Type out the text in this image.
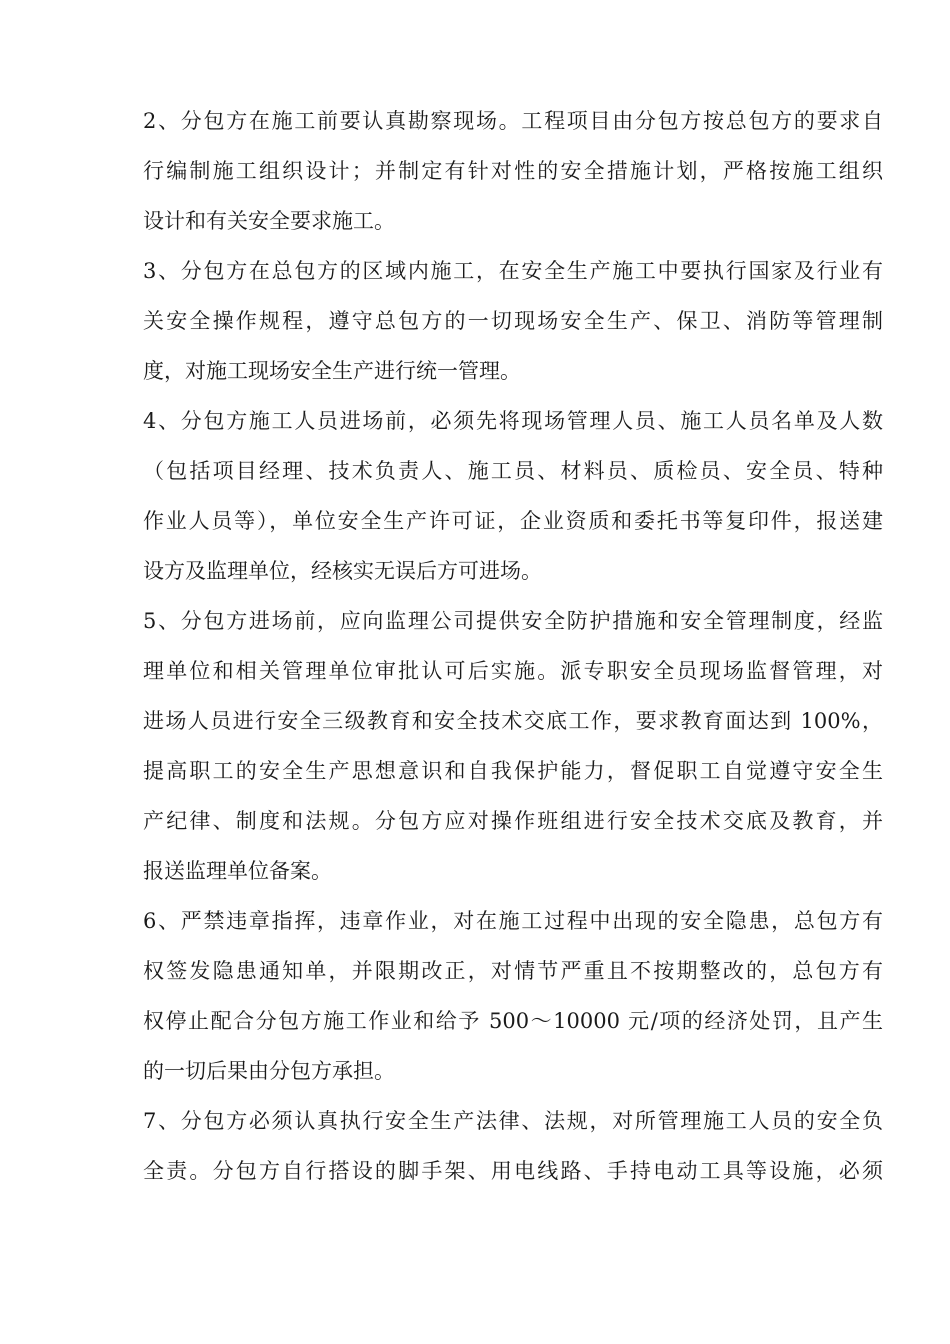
2、分包方在施工前要认真勘察现场。工程项目由分包方按总包方的要求自
行编制施工组织设计；并制定有针对性的安全措施计划，严格按施工组织
设计和有关安全要求施工。
3、分包方在总包方的区域内施工，在安全生产施工中要执行国家及行业有
关安全操作规程，遵守总包方的一切现场安全生产、保卫、消防等管理制
度，对施工现场安全生产进行统一管理。
4、分包方施工人员进场前，必须先将现场管理人员、施工人员名单及人数
（包括项目经理、技术负责人、施工员、材料员、质检员、安全员、特种
作业人员等），单位安全生产许可证，企业资质和委托书等复印件，报送建
设方及监理单位，经核实无误后方可进场。
5、分包方进场前，应向监理公司提供安全防护措施和安全管理制度，经监
理单位和相关管理单位审批认可后实施。派专职安全员现场监督管理，对
进场人员进行安全三级教育和安全技术交底工作，要求教育面达到 100%，
提高职工的安全生产思想意识和自我保护能力，督促职工自觉遵守安全生
产纪律、制度和法规。分包方应对操作班组进行安全技术交底及教育，并
报送监理单位备案。
6、严禁违章指挥，违章作业，对在施工过程中出现的安全隐患，总包方有
权签发隐患通知单，并限期改正，对情节严重且不按期整改的，总包方有
权停止配合分包方施工作业和给予 500～10000 元/项的经济处罚，且产生
的一切后果由分包方承担。
7、分包方必须认真执行安全生产法律、法规，对所管理施工人员的安全负
全责。分包方自行搭设的脚手架、用电线路、手持电动工具等设施，必须
